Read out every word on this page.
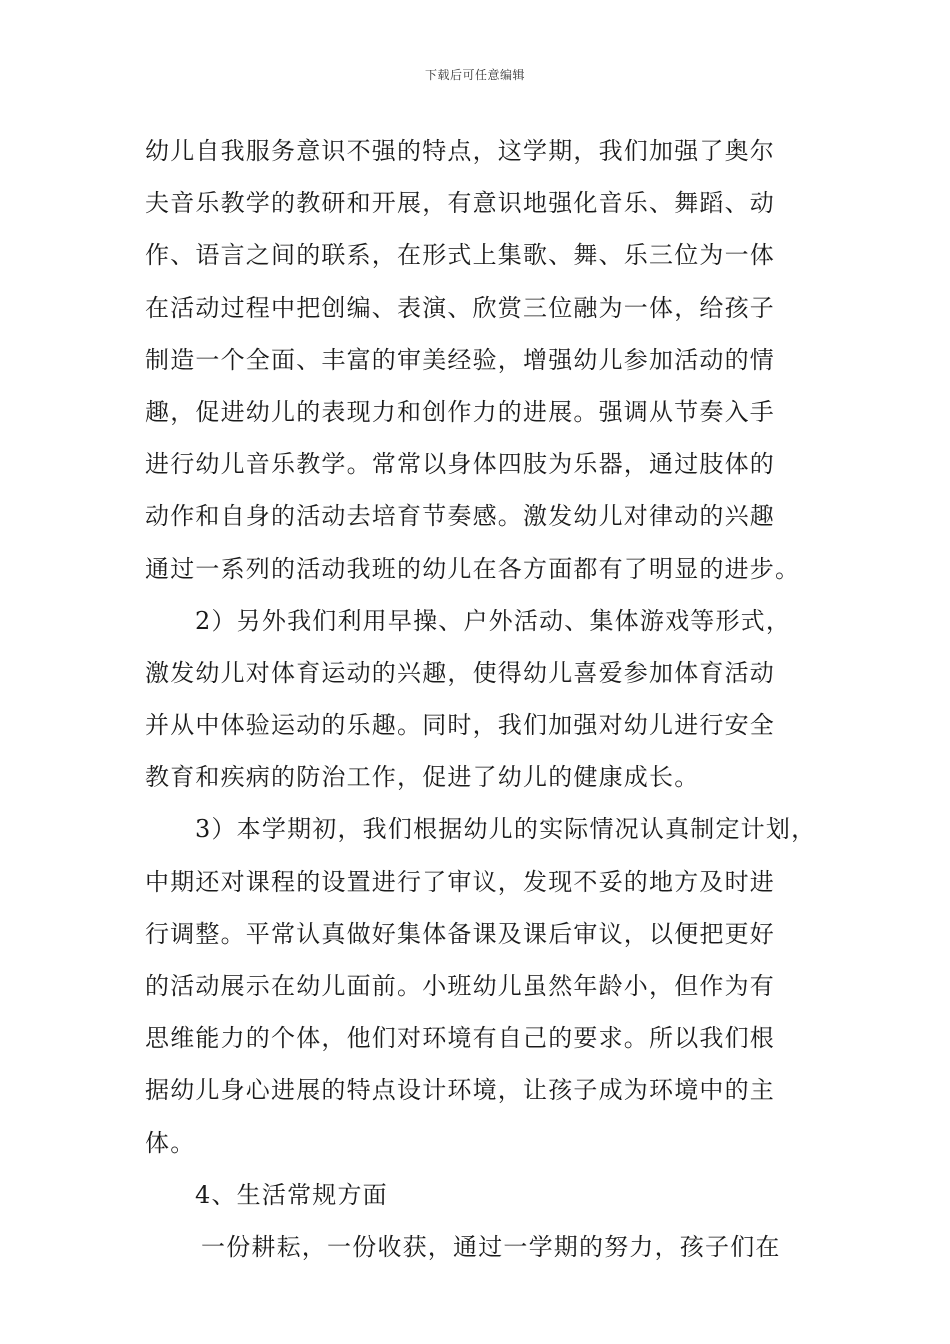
下载后可任意编辑
幼儿自我服务意识不强的特点，这学期，我们加强了奥尔
夫音乐教学的教研和开展，有意识地强化音乐、舞蹈、动
作、语言之间的联系，在形式上集歌、舞、乐三位为一体
在活动过程中把创编、表演、欣赏三位融为一体，给孩子
制造一个全面、丰富的审美经验，增强幼儿参加活动的情
趣，促进幼儿的表现力和创作力的进展。强调从节奏入手
进行幼儿音乐教学。常常以身体四肢为乐器，通过肢体的
动作和自身的活动去培育节奏感。激发幼儿对律动的兴趣
通过一系列的活动我班的幼儿在各方面都有了明显的进步。
2）另外我们利用早操、户外活动、集体游戏等形式，
激发幼儿对体育运动的兴趣，使得幼儿喜爱参加体育活动
并从中体验运动的乐趣。同时，我们加强对幼儿进行安全
教育和疾病的防治工作，促进了幼儿的健康成长。
3）本学期初，我们根据幼儿的实际情况认真制定计划，
中期还对课程的设置进行了审议，发现不妥的地方及时进
行调整。平常认真做好集体备课及课后审议，以便把更好
的活动展示在幼儿面前。小班幼儿虽然年龄小，但作为有
思维能力的个体，他们对环境有自己的要求。所以我们根
据幼儿身心进展的特点设计环境，让孩子成为环境中的主
体。
4、生活常规方面
一份耕耘，一份收获，通过一学期的努力，孩子们在
